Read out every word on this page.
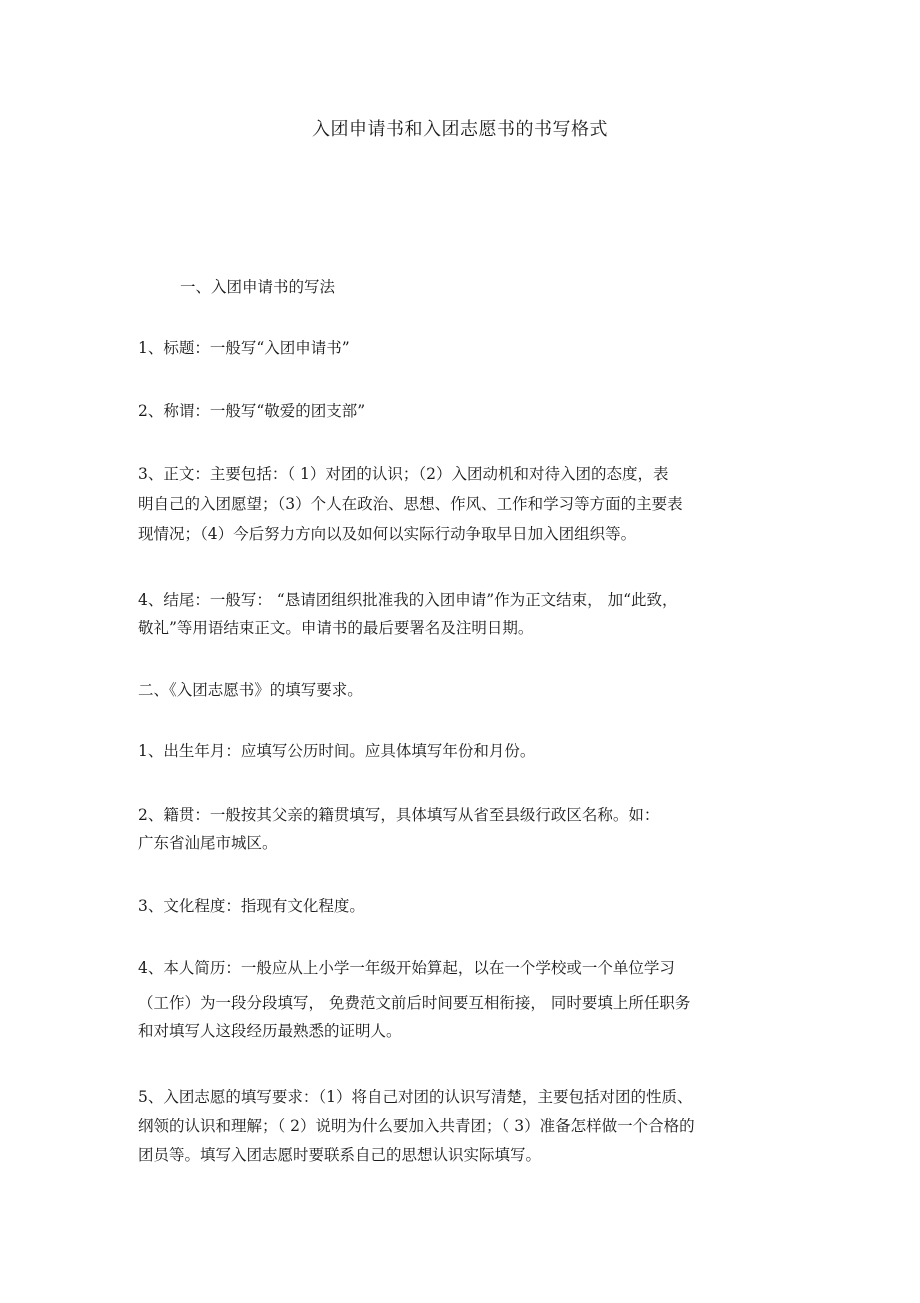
入团申请书和入团志愿书的书写格式
一、入团申请书的写法
1、标题：一般写“入团申请书”
2、称谓：一般写“敬爱的团支部”
3、正文：主要包括：（ 1）对团的认识；（2）入团动机和对待入团的态度，表
明自己的入团愿望；（3）个人在政治、思想、作风、工作和学习等方面的主要表
现情况；（4）今后努力方向以及如何以实际行动争取早日加入团组织等。
4、结尾：一般写： “恳请团组织批准我的入团申请”作为正文结束， 加“此致，
敬礼”等用语结束正文。申请书的最后要署名及注明日期。
二、《入团志愿书》的填写要求。
1、出生年月：应填写公历时间。应具体填写年份和月份。
2、籍贯：一般按其父亲的籍贯填写，具体填写从省至县级行政区名称。如：
广东省汕尾市城区。
3、文化程度：指现有文化程度。
4、本人简历：一般应从上小学一年级开始算起，以在一个学校或一个单位学习
（工作）为一段分段填写， 免费范文前后时间要互相衔接， 同时要填上所任职务
和对填写人这段经历最熟悉的证明人。
5、入团志愿的填写要求：（1）将自己对团的认识写清楚，主要包括对团的性质、
纲领的认识和理解；（ 2）说明为什么要加入共青团；（ 3）准备怎样做一个合格的
团员等。填写入团志愿时要联系自己的思想认识实际填写。
